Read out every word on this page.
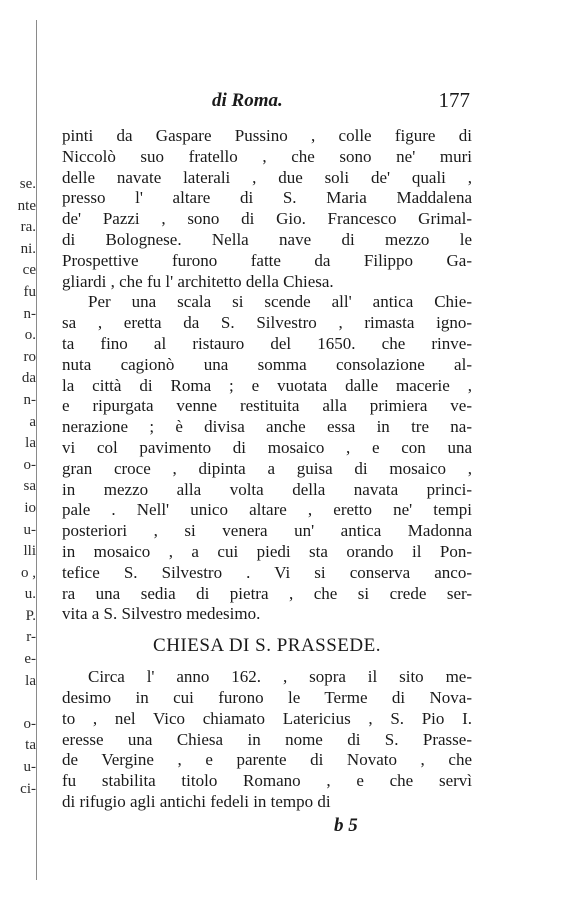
se.
nte
ra.
ni.
ce
fu
n-
o.
ro
da
n-
a
la
o-
sa
io
u-
lli
o ,
u.
P.
r-
e-
la

o-
ta
u-
ci-
di Roma.	177
pinti da Gaspare Pussino , colle figure di
Niccolò suo fratello , che sono ne' muri
delle navate laterali , due soli de' quali ,
presso l' altare di S. Maria Maddalena
de' Pazzi , sono di Gio. Francesco Grimal-
di Bolognese. Nella nave di mezzo le
Prospettive furono fatte da Filippo Ga-
gliardi , che fu l' architetto della Chiesa.
Per una scala si scende all' antica Chie-
sa , eretta da S. Silvestro , rimasta igno-
ta fino al ristauro del 1650. che rinve-
nuta cagionò una somma consolazione al-
la città di Roma ; e vuotata dalle macerie ,
e ripurgata venne restituita alla primiera ve-
nerazione ; è divisa anche essa in tre na-
vi col pavimento di mosaico , e con una
gran croce , dipinta a guisa di mosaico ,
in mezzo alla volta della navata princi-
pale . Nell' unico altare , eretto ne' tempi
posteriori , si venera un' antica Madonna
in mosaico , a cui piedi sta orando il Pon-
tefice S. Silvestro . Vi si conserva anco-
ra una sedia di pietra , che si crede ser-
vita a S. Silvestro medesimo.
CHIESA DI S. PRASSEDE.
Circa l' anno 162. , sopra il sito me-
desimo in cui furono le Terme di Nova-
to , nel Vico chiamato Latericius , S. Pio I.
eresse una Chiesa in nome di S. Prasse-
de Vergine , e parente di Novato , che
fu stabilita titolo Romano , e che servì
di rifugio agli antichi fedeli in tempo di
b 5
